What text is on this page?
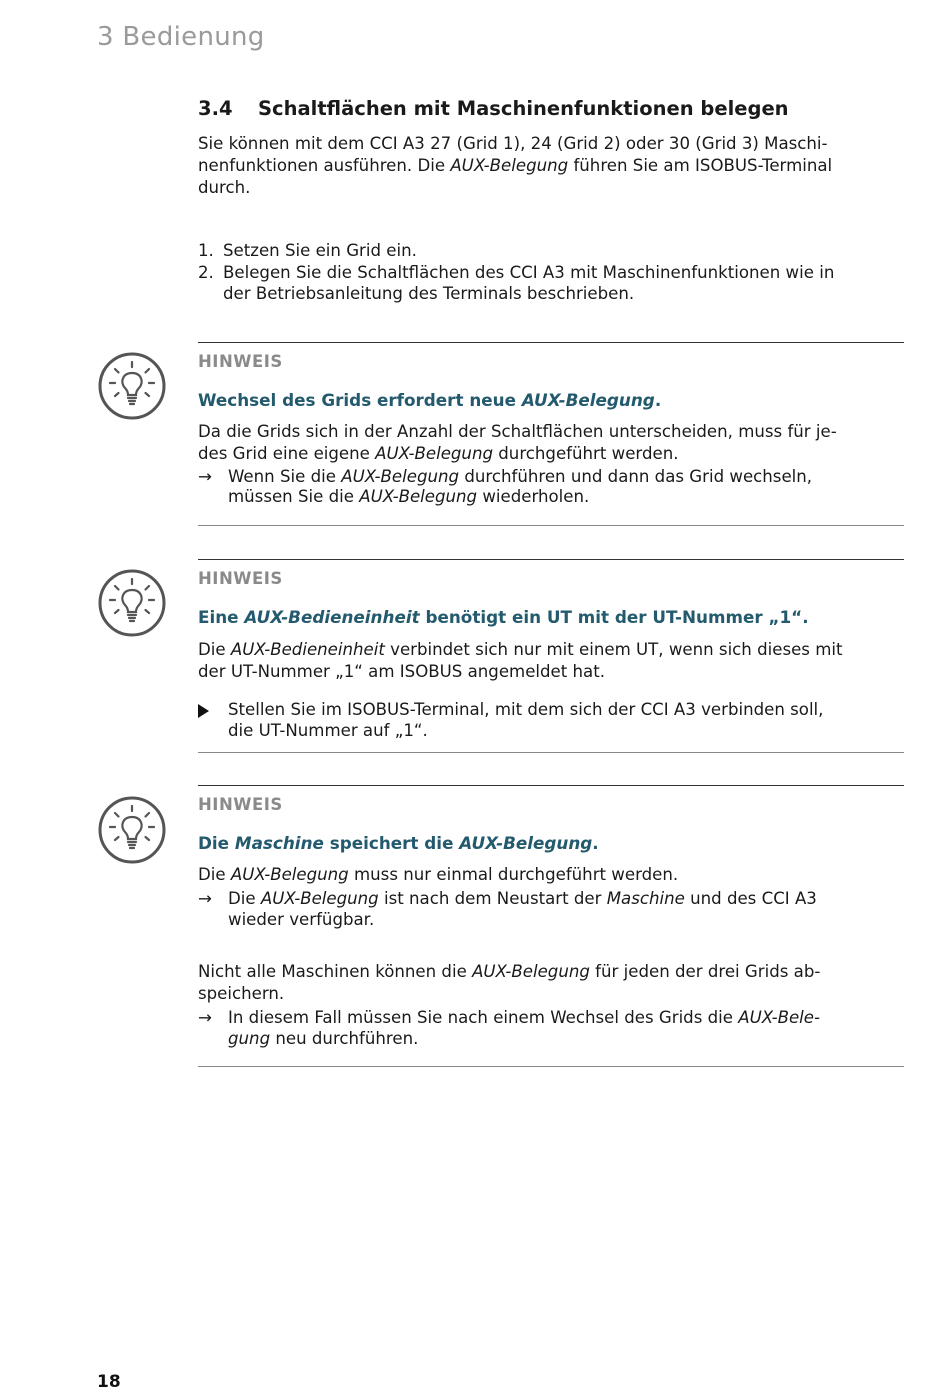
3 Bedienung
3.4 Schaltflächen mit Maschinenfunktionen belegen

Sie können mit dem CCI A3 27 (Grid 1), 24 (Grid 2) oder 30 (Grid 3) Maschi-

nenfunktionen ausführen. Die AUX-Belegung führen Sie am ISOBUS-Terminal

durch.

1. Setzen Sie ein Grid ein.
2. Belegen Sie die Schaltflächen des CCI A3 mit Maschinenfunktionen wie in
der Betriebsanleitung des Terminals beschrieben.
HINWEIS
Wechsel des Grids erfordert neue AUX-Belegung.

Da die Grids sich in der Anzahl der Schaltflächen unterscheiden, muss für je-

des Grid eine eigene AUX-Belegung durchgeführt werden.

→ Wenn Sie die AUX-Belegung durchführen und dann das Grid wechseln,
müssen Sie die AUX-Belegung wiederholen.
HINWEIS
Eine AUX-Bedieneinheit benötigt ein UT mit der UT-Nummer „1“.

Die AUX-Bedieneinheit verbindet sich nur mit einem UT, wenn sich dieses mit

der UT-Nummer „1“ am ISOBUS angemeldet hat.

Stellen Sie im ISOBUS-Terminal, mit dem sich der CCI A3 verbinden soll,
die UT-Nummer auf „1“.
HINWEIS
Die Maschine speichert die AUX-Belegung.

Die AUX-Belegung muss nur einmal durchgeführt werden.

→ Die AUX-Belegung ist nach dem Neustart der Maschine und des CCI A3
wieder verfügbar.

Nicht alle Maschinen können die AUX-Belegung für jeden der drei Grids ab-

speichern.

→ In diesem Fall müssen Sie nach einem Wechsel des Grids die AUX-Bele-
gung neu durchführen.
18
